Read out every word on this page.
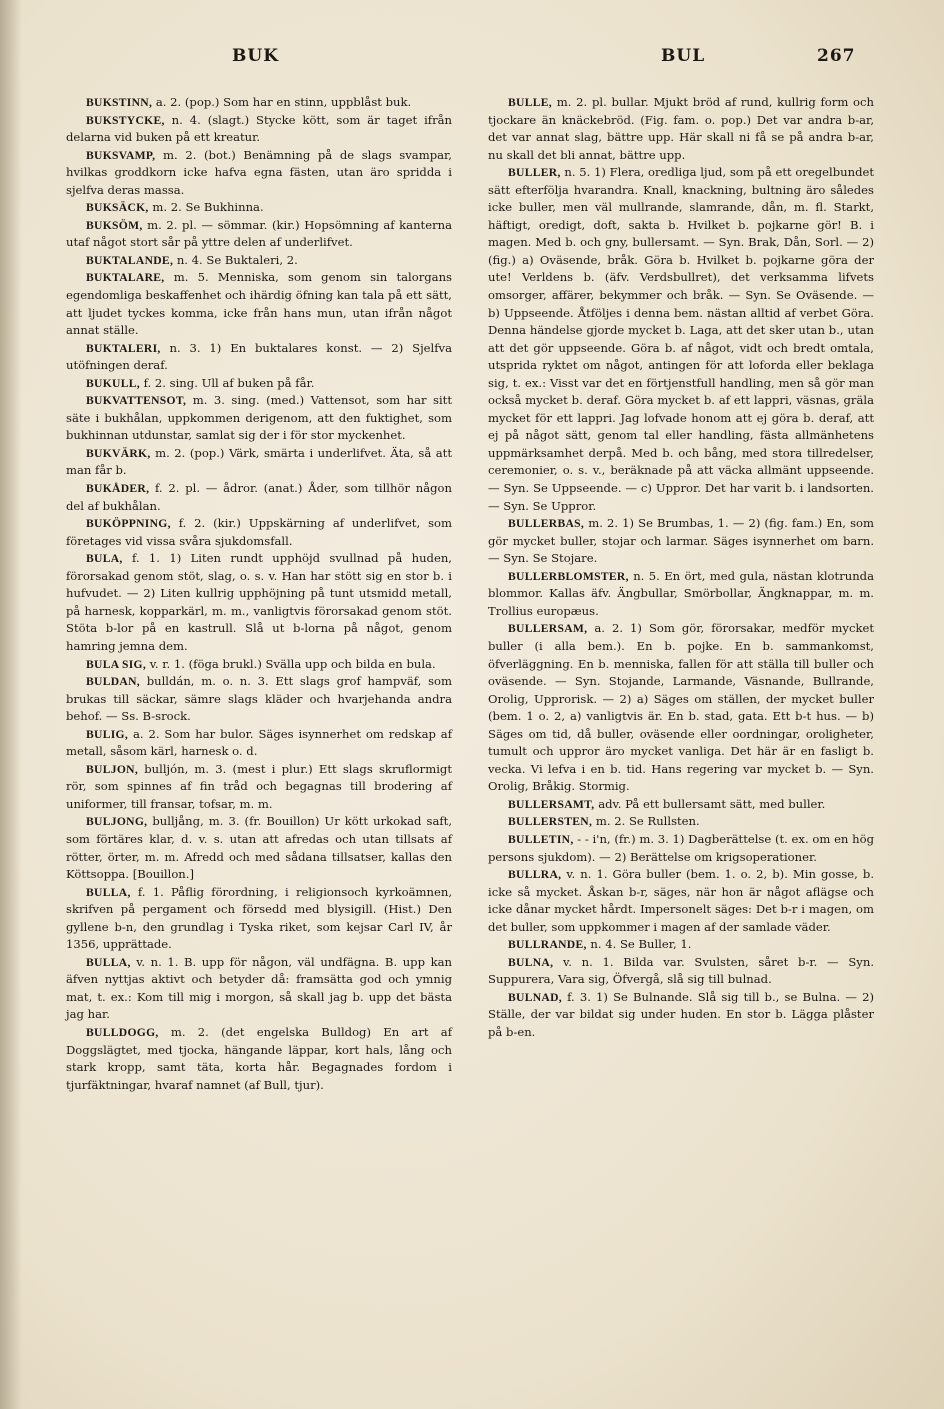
BUK	BUL	267

BUKSTINN, a. 2. (pop.) Som har en stinn, uppblåst buk.

BUKSTYCKE, n. 4. (slagt.) Stycke kött, som är taget ifrån delarna vid buken på ett kreatur.

BUKSVAMP, m. 2. (bot.) Benämning på de slags svampar, hvilkas groddkorn icke hafva egna fästen, utan äro spridda i sjelfva deras massa.

BUKSÄCK, m. 2. Se Bukhinna.

BUKSÖM, m. 2. pl. — sömmar. (kir.) Hopsömning af kanterna utaf något stort sår på yttre delen af underlifvet.

BUKTALANDE, n. 4. Se Buktaleri, 2.

BUKTALARE, m. 5. Menniska, som genom sin talorgans egendomliga beskaffenhet och ihärdig öfning kan tala på ett sätt, att ljudet tyckes komma, icke från hans mun, utan ifrån något annat ställe.

BUKTALERI, n. 3. 1) En buktalares konst. — 2) Sjelfva utöfningen deraf.

BUKULL, f. 2. sing. Ull af buken på får.

BUKVATTENSOT, m. 3. sing. (med.) Vattensot, som har sitt säte i bukhålan, uppkommen derigenom, att den fuktighet, som bukhinnan utdunstar, samlat sig der i för stor myckenhet.

BUKVÄRK, m. 2. (pop.) Värk, smärta i underlifvet. Äta, så att man får b.

BUKÅDER, f. 2. pl. — ådror. (anat.) Åder, som tillhör någon del af bukhålan.

BUKÖPPNING, f. 2. (kir.) Uppskärning af underlifvet, som företages vid vissa svåra sjukdomsfall.

BULA, f. 1. 1) Liten rundt upphöjd svullnad på huden, förorsakad genom stöt, slag, o. s. v. Han har stött sig en stor b. i hufvudet. — 2) Liten kullrig upphöjning på tunt utsmidd metall, på harnesk, kopparkärl, m. m., vanligtvis förorsakad genom stöt. Stöta b-lor på en kastrull. Slå ut b-lorna på något, genom hamring jemna dem.

BULA SIG, v. r. 1. (föga brukl.) Svälla upp och bilda en bula.

BULDAN, bulldán, m. o. n. 3. Ett slags grof hampväf, som brukas till säckar, sämre slags kläder och hvarjehanda andra behof. — Ss. B-srock.

BULIG, a. 2. Som har bulor. Säges isynnerhet om redskap af metall, såsom kärl, harnesk o. d.

BULJON, bulljón, m. 3. (mest i plur.) Ett slags skruflormigt rör, som spinnes af fin tråd och begagnas till brodering af uniformer, till fransar, tofsar, m. m.

BULJONG, bulljång, m. 3. (fr. Bouillon) Ur kött urkokad saft, som förtäres klar, d. v. s. utan att afredas och utan tillsats af rötter, örter, m. m. Afredd och med sådana tillsatser, kallas den Köttsoppa. [Bouillon.]

BULLA, f. 1. Påflig förordning, i religionsoch kyrkoämnen, skrifven på pergament och försedd med blysigill. (Hist.) Den gyllene b-n, den grundlag i Tyska riket, som kejsar Carl IV, år 1356, upprättade.

BULLA, v. n. 1. B. upp för någon, väl undfägna. B. upp kan äfven nyttjas aktivt och betyder då: framsätta god och ymnig mat, t. ex.: Kom till mig i morgon, så skall jag b. upp det bästa jag har.

BULLDOGG, m. 2. (det engelska Bulldog) En art af Doggslägtet, med tjocka, hängande läppar, kort hals, lång och stark kropp, samt täta, korta hår. Begagnades fordom i tjurfäktningar, hvaraf namnet (af Bull, tjur).

BULLE, m. 2. pl. bullar. Mjukt bröd af rund, kullrig form och tjockare än knäckebröd. (Fig. fam. o. pop.) Det var andra b-ar, det var annat slag, bättre upp. Här skall ni få se på andra b-ar, nu skall det bli annat, bättre upp.

BULLER, n. 5. 1) Flera, oredliga ljud, som på ett oregelbundet sätt efterfölja hvarandra. Knall, knackning, bultning äro således icke buller, men väl mullrande, slamrande, dån, m. fl. Starkt, häftigt, oredigt, doft, sakta b. Hvilket b. pojkarne gör! B. i magen. Med b. och gny, bullersamt. — Syn. Brak, Dån, Sorl. — 2) (fig.) a) Oväsende, bråk. Göra b. Hvilket b. pojkarne göra der ute! Verldens b. (äfv. Verdsbullret), det verksamma lifvets omsorger, affärer, bekymmer och bråk. — Syn. Se Oväsende. — b) Uppseende. Åtföljes i denna bem. nästan alltid af verbet Göra. Denna händelse gjorde mycket b. Laga, att det sker utan b., utan att det gör uppseende. Göra b. af något, vidt och bredt omtala, utsprida ryktet om något, antingen för att loforda eller beklaga sig, t. ex.: Visst var det en förtjenstfull handling, men så gör man också mycket b. deraf. Göra mycket b. af ett lappri, väsnas, gräla mycket för ett lappri. Jag lofvade honom att ej göra b. deraf, att ej på något sätt, genom tal eller handling, fästa allmänhetens uppmärksamhet derpå. Med b. och bång, med stora tillredelser, ceremonier, o. s. v., beräknade på att väcka allmänt uppseende. — Syn. Se Uppseende. — c) Uppror. Det har varit b. i landsorten. — Syn. Se Uppror.

BULLERBAS, m. 2. 1) Se Brumbas, 1. — 2) (fig. fam.) En, som gör mycket buller, stojar och larmar. Säges isynnerhet om barn. — Syn. Se Stojare.

BULLERBLOMSTER, n. 5. En ört, med gula, nästan klotrunda blommor. Kallas äfv. Ängbullar, Smörbollar, Ängknappar, m. m. Trollius europæus.

BULLERSAM, a. 2. 1) Som gör, förorsakar, medför mycket buller (i alla bem.). En b. pojke. En b. sammankomst, öfverläggning. En b. menniska, fallen för att ställa till buller och oväsende. — Syn. Stojande, Larmande, Väsnande, Bullrande, Orolig, Upprorisk. — 2) a) Säges om ställen, der mycket buller (bem. 1 o. 2, a) vanligtvis är. En b. stad, gata. Ett b-t hus. — b) Säges om tid, då buller, oväsende eller oordningar, oroligheter, tumult och uppror äro mycket vanliga. Det här är en fasligt b. vecka. Vi lefva i en b. tid. Hans regering var mycket b. — Syn. Orolig, Bråkig. Stormig.

BULLERSAMT, adv. På ett bullersamt sätt, med buller.

BULLERSTEN, m. 2. Se Rullsten.

BULLETIN, - - i'n, (fr.) m. 3. 1) Dagberättelse (t. ex. om en hög persons sjukdom). — 2) Berättelse om krigsoperationer.

BULLRA, v. n. 1. Göra buller (bem. 1. o. 2, b). Min gosse, b. icke så mycket. Åskan b-r, säges, när hon är något aflägse och icke dånar mycket hårdt. Impersonelt säges: Det b-r i magen, om det buller, som uppkommer i magen af der samlade väder.

BULLRANDE, n. 4. Se Buller, 1.

BULNA, v. n. 1. Bilda var. Svulsten, såret b-r. — Syn. Suppurera, Vara sig, Öfvergå, slå sig till bulnad.

BULNAD, f. 3. 1) Se Bulnande. Slå sig till b., se Bulna. — 2) Ställe, der var bildat sig under huden. En stor b. Lägga plåster på b-en.
